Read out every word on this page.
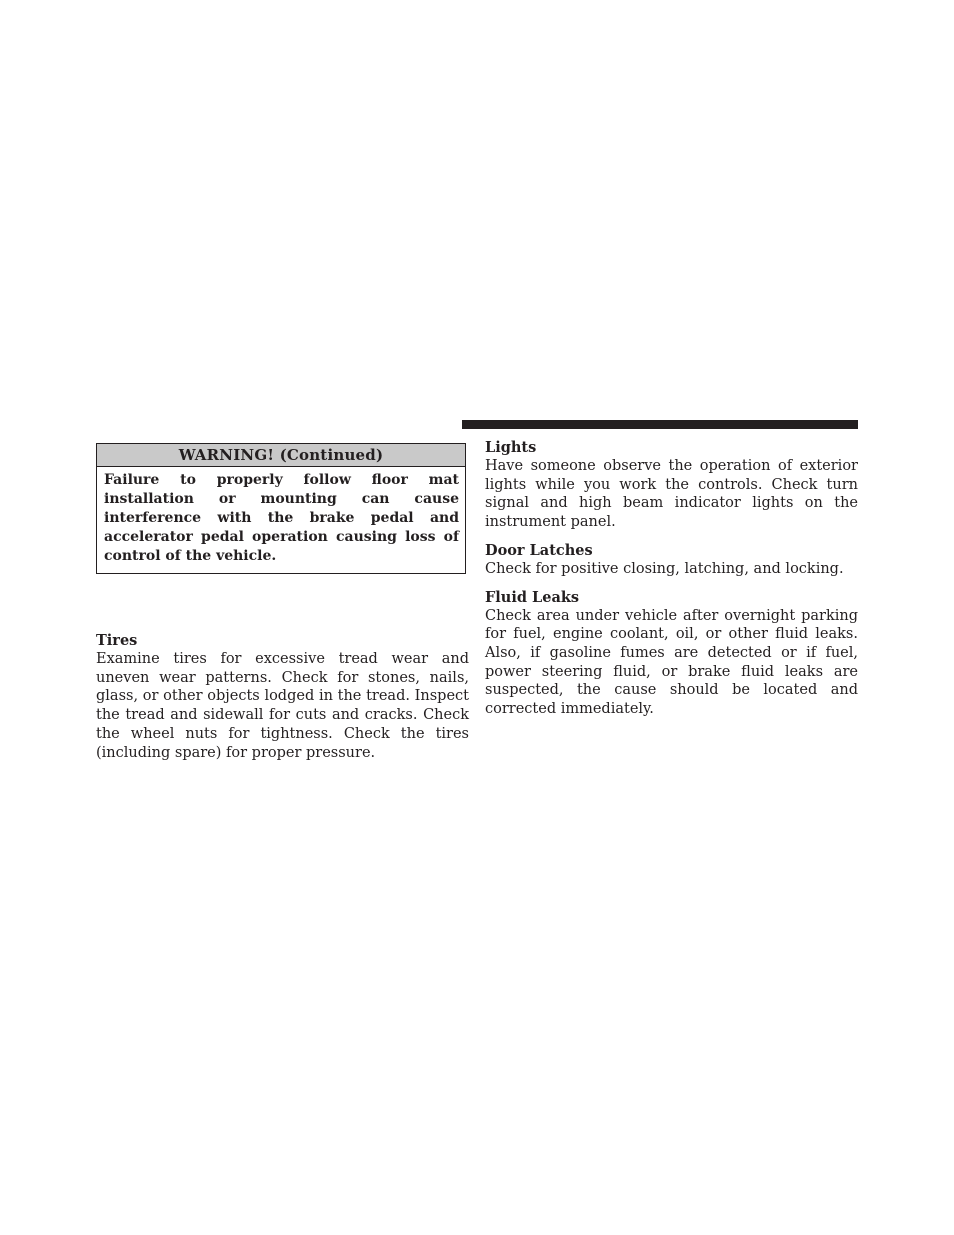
WARNING! (Continued)
Failure to properly follow floor mat installation or mounting can cause interference with the brake pedal and accelerator pedal operation causing loss of control of the vehicle.

Tires

Examine tires for excessive tread wear and uneven wear patterns. Check for stones, nails, glass, or other objects lodged in the tread. Inspect the tread and sidewall for cuts and cracks. Check the wheel nuts for tightness. Check the tires (including spare) for proper pressure.

Lights

Have someone observe the operation of exterior lights while you work the controls. Check turn signal and high beam indicator lights on the instrument panel.

Door Latches

Check for positive closing, latching, and locking.

Fluid Leaks

Check area under vehicle after overnight parking for fuel, engine coolant, oil, or other fluid leaks. Also, if gasoline fumes are detected or if fuel, power steering fluid, or brake fluid leaks are suspected, the cause should be located and corrected immediately.
